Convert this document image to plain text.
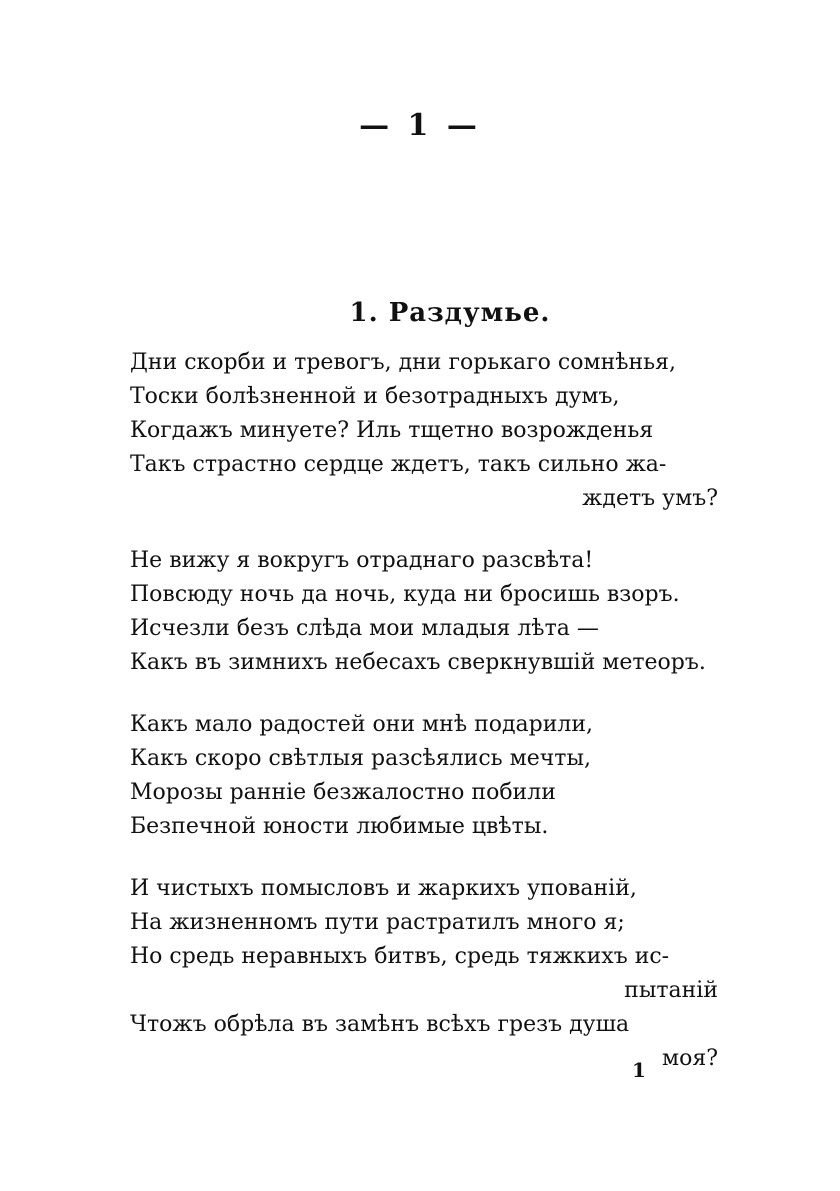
— 1 —
1. Раздумье.
Дни скорби и тревогъ, дни горькаго сомнѣнья,
Тоски болѣзненной и безотрадныхъ думъ,
Когдажъ минуете? Иль тщетно возрожденья
Такъ страстно сердце ждетъ, такъ сильно жа-
ждетъ умъ?
Не вижу я вокругъ отраднаго разсвѣта!
Повсюду ночь да ночь, куда ни бросишь взоръ.
Исчезли безъ слѣда мои младыя лѣта —
Какъ въ зимнихъ небесахъ сверкнувшій метеоръ.
Какъ мало радостей они мнѣ подарили,
Какъ скоро свѣтлыя разсѣялись мечты,
Морозы ранніе безжалостно побили
Безпечной юности любимые цвѣты.
И чистыхъ помысловъ и жаркихъ упованій,
На жизненномъ пути растратилъ много я;
Но средь неравныхъ битвъ, средь тяжкихъ ис-
пытаній
Чтожъ обрѣла въ замѣнъ всѣхъ грезъ душа
моя?
1
